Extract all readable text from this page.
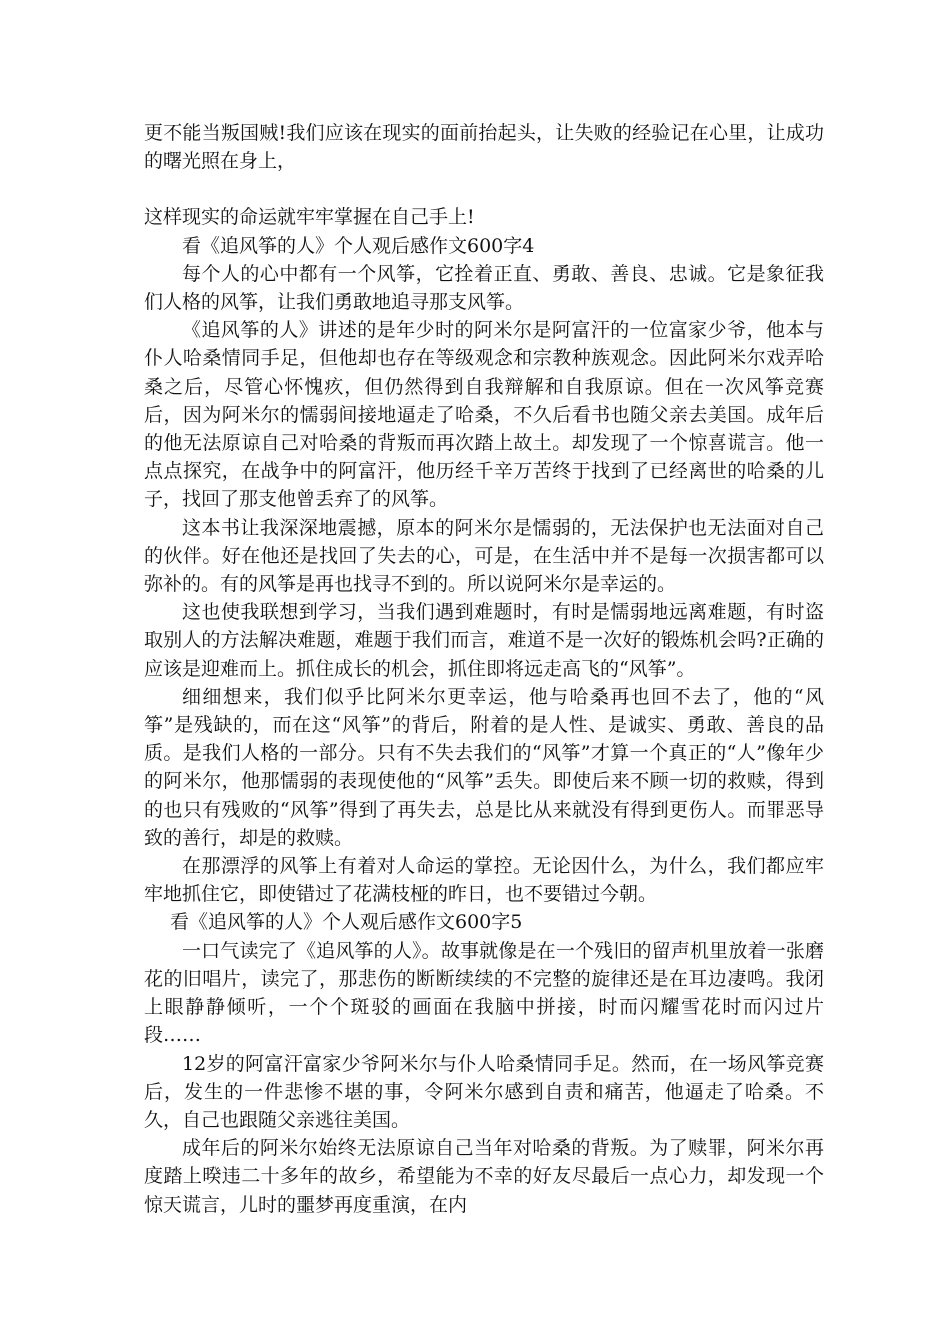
更不能当叛国贼!我们应该在现实的面前抬起头，让失败的经验记在心里，让成功的曙光照在身上，

这样现实的命运就牢牢掌握在自己手上!

看《追风筝的人》个人观后感作文600字4

每个人的心中都有一个风筝，它拴着正直、勇敢、善良、忠诚。它是象征我们人格的风筝，让我们勇敢地追寻那支风筝。

《追风筝的人》讲述的是年少时的阿米尔是阿富汗的一位富家少爷，他本与仆人哈桑情同手足，但他却也存在等级观念和宗教种族观念。因此阿米尔戏弄哈桑之后，尽管心怀愧疚，但仍然得到自我辩解和自我原谅。但在一次风筝竞赛后，因为阿米尔的懦弱间接地逼走了哈桑，不久后看书也随父亲去美国。成年后的他无法原谅自己对哈桑的背叛而再次踏上故土。却发现了一个惊喜谎言。他一点点探究，在战争中的阿富汗，他历经千辛万苦终于找到了已经离世的哈桑的儿子，找回了那支他曾丢弃了的风筝。

这本书让我深深地震撼，原本的阿米尔是懦弱的，无法保护也无法面对自己的伙伴。好在他还是找回了失去的心，可是，在生活中并不是每一次损害都可以弥补的。有的风筝是再也找寻不到的。所以说阿米尔是幸运的。

这也使我联想到学习，当我们遇到难题时，有时是懦弱地远离难题，有时盗取别人的方法解决难题，难题于我们而言，难道不是一次好的锻炼机会吗?正确的应该是迎难而上。抓住成长的机会，抓住即将远走高飞的“风筝”。

细细想来，我们似乎比阿米尔更幸运，他与哈桑再也回不去了，他的“风筝”是残缺的，而在这“风筝”的背后，附着的是人性、是诚实、勇敢、善良的品质。是我们人格的一部分。只有不失去我们的“风筝”才算一个真正的“人”像年少的阿米尔，他那懦弱的表现使他的“风筝”丢失。即使后来不顾一切的救赎，得到的也只有残败的“风筝”得到了再失去，总是比从来就没有得到更伤人。而罪恶导致的善行，却是的救赎。

在那漂浮的风筝上有着对人命运的掌控。无论因什么，为什么，我们都应牢牢地抓住它，即使错过了花满枝桠的昨日，也不要错过今朝。

看《追风筝的人》个人观后感作文600字5

一口气读完了《追风筝的人》。故事就像是在一个残旧的留声机里放着一张磨花的旧唱片，读完了，那悲伤的断断续续的不完整的旋律还是在耳边凄鸣。我闭上眼静静倾听，一个个斑驳的画面在我脑中拼接，时而闪耀雪花时而闪过片段……

12岁的阿富汗富家少爷阿米尔与仆人哈桑情同手足。然而，在一场风筝竞赛后，发生的一件悲惨不堪的事，令阿米尔感到自责和痛苦，他逼走了哈桑。不久，自己也跟随父亲逃往美国。

成年后的阿米尔始终无法原谅自己当年对哈桑的背叛。为了赎罪，阿米尔再度踏上暌违二十多年的故乡，希望能为不幸的好友尽最后一点心力，却发现一个惊天谎言，儿时的噩梦再度重演，在内
